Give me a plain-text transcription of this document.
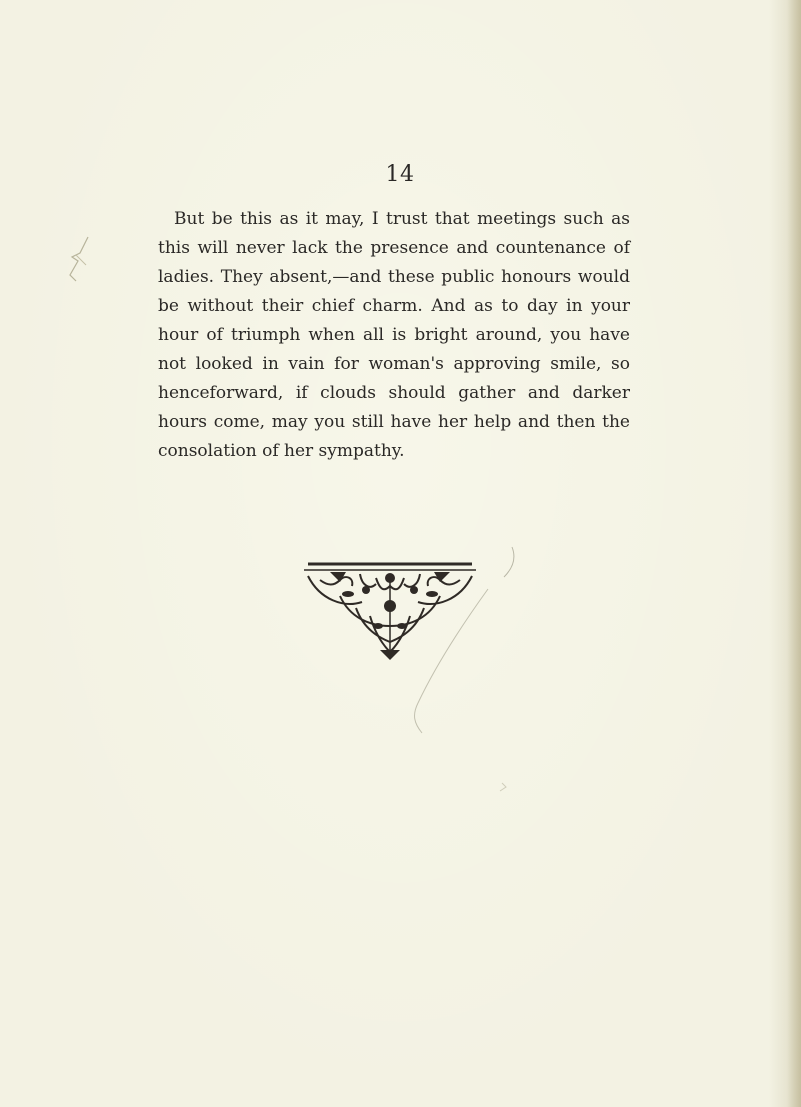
14

But be this as it may, I trust that meetings such as this will never lack the presence and countenance of ladies. They absent,—and these public honours would be without their chief charm. And as to day in your hour of triumph when all is bright around, you have not looked in vain for woman's approving smile, so henceforward, if clouds should gather and darker hours come, may you still have her help and then the consolation of her sympathy.
